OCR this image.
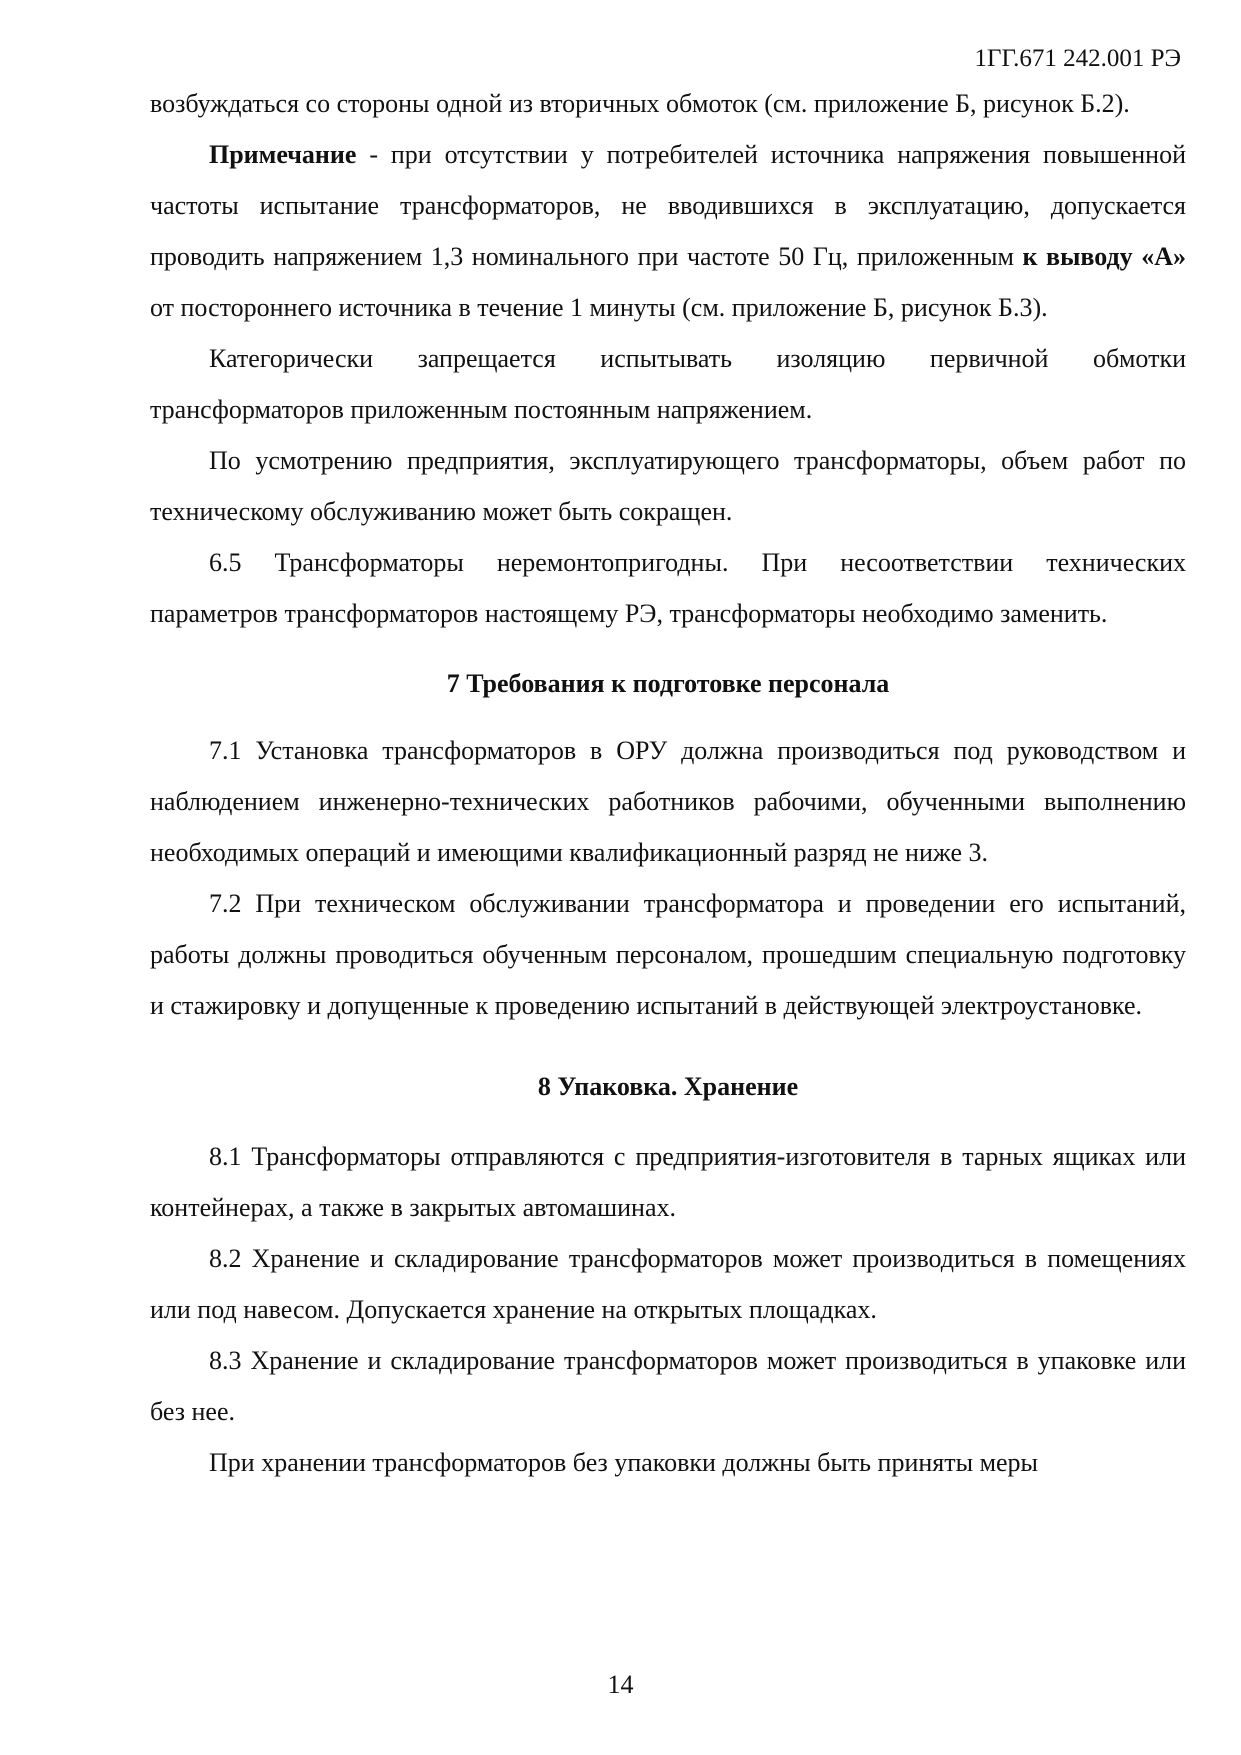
1ГГ.671 242.001 РЭ

возбуждаться со стороны одной из вторичных обмоток (см. приложение Б, рисунок Б.2).

Примечание - при отсутствии у потребителей источника напряжения повышенной частоты испытание трансформаторов, не вводившихся в эксплуатацию, допускается проводить напряжением 1,3 номинального при частоте 50 Гц, приложенным к выводу «А» от постороннего источника в течение 1 минуты (см. приложение Б, рисунок Б.3).

Категорически запрещается испытывать изоляцию первичной обмотки трансформаторов приложенным постоянным напряжением.

По усмотрению предприятия, эксплуатирующего трансформаторы, объем работ по техническому обслуживанию может быть сокращен.

6.5 Трансформаторы неремонтопригодны. При несоответствии технических параметров трансформаторов настоящему РЭ, трансформаторы необходимо заменить.

7 Требования к подготовке персонала

7.1 Установка трансформаторов в ОРУ должна производиться под руководством и наблюдением инженерно-технических работников рабочими, обученными выполнению необходимых операций и имеющими квалификационный разряд не ниже 3.

7.2 При техническом обслуживании трансформатора и проведении его испытаний, работы должны проводиться обученным персоналом, прошедшим специальную подготовку и стажировку и допущенные к проведению испытаний в действующей электроустановке.

8 Упаковка. Хранение

8.1 Трансформаторы отправляются с предприятия-изготовителя в тарных ящиках или контейнерах, а также в закрытых автомашинах.

8.2 Хранение и складирование трансформаторов может производиться в помещениях или под навесом. Допускается хранение на открытых площадках.

8.3 Хранение и складирование трансформаторов может производиться в упаковке или без нее.

При хранении трансформаторов без упаковки должны быть приняты меры

14
